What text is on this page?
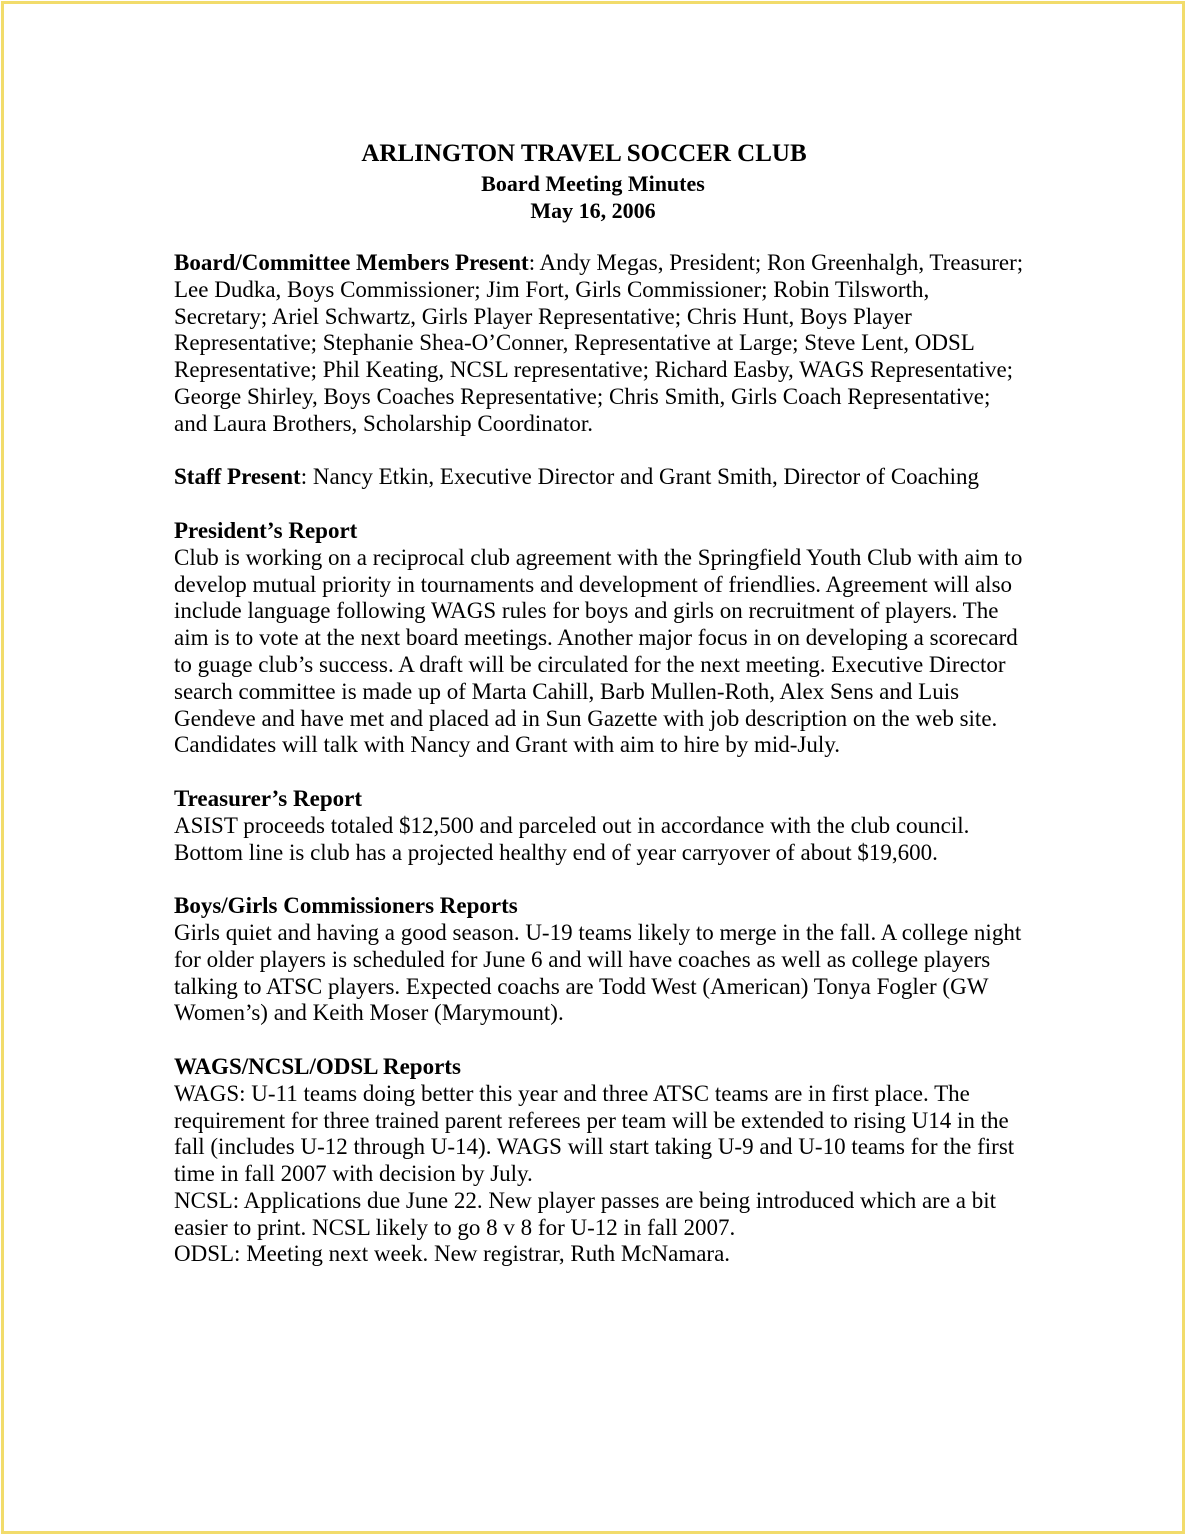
ARLINGTON TRAVEL SOCCER CLUB
Board Meeting Minutes
May 16, 2006

Board/Committee Members Present: Andy Megas, President; Ron Greenhalgh, Treasurer; Lee Dudka, Boys Commissioner; Jim Fort, Girls Commissioner; Robin Tilsworth, Secretary; Ariel Schwartz, Girls Player Representative; Chris Hunt, Boys Player Representative; Stephanie Shea-O’Conner, Representative at Large; Steve Lent, ODSL Representative; Phil Keating, NCSL representative; Richard Easby, WAGS Representative; George Shirley, Boys Coaches Representative; Chris Smith, Girls Coach Representative; and Laura Brothers, Scholarship Coordinator.

Staff Present: Nancy Etkin, Executive Director and Grant Smith, Director of Coaching

President’s Report

Club is working on a reciprocal club agreement with the Springfield Youth Club with aim to develop mutual priority in tournaments and development of friendlies. Agreement will also include language following WAGS rules for boys and girls on recruitment of players. The aim is to vote at the next board meetings. Another major focus in on developing a scorecard to guage club’s success. A draft will be circulated for the next meeting. Executive Director search committee is made up of Marta Cahill, Barb Mullen-Roth, Alex Sens and Luis Gendeve and have met and placed ad in Sun Gazette with job description on the web site. Candidates will talk with Nancy and Grant with aim to hire by mid-July.

Treasurer’s Report

ASIST proceeds totaled $12,500 and parceled out in accordance with the club council.

Bottom line is club has a projected healthy end of year carryover of about $19,600.

Boys/Girls Commissioners Reports

Girls quiet and having a good season. U-19 teams likely to merge in the fall. A college night for older players is scheduled for June 6 and will have coaches as well as college players talking to ATSC players. Expected coachs are Todd West (American) Tonya Fogler (GW Women’s) and Keith Moser (Marymount).

WAGS/NCSL/ODSL Reports

WAGS: U-11 teams doing better this year and three ATSC teams are in first place. The requirement for three trained parent referees per team will be extended to rising U14 in the fall (includes U-12 through U-14). WAGS will start taking U-9 and U-10 teams for the first time in fall 2007 with decision by July.

NCSL: Applications due June 22. New player passes are being introduced which are a bit easier to print. NCSL likely to go 8 v 8 for U-12 in fall 2007.

ODSL: Meeting next week. New registrar, Ruth McNamara.
